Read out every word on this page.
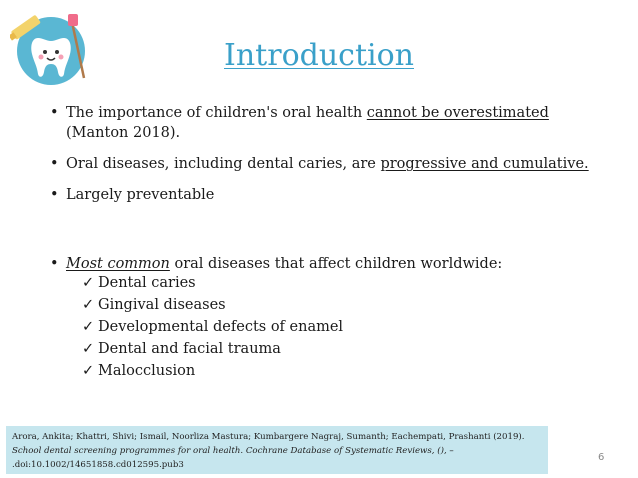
Introduction
• The importance of children's oral health cannot be overestimated
(Manton 2018).
• Oral diseases, including dental caries, are progressive and cumulative.
• Largely preventable
• Most common oral diseases that affect children worldwide:
✓ Dental caries
✓ Gingival diseases
✓ Developmental defects of enamel
✓ Dental and facial trauma
✓ Malocclusion
Arora, Ankita; Khattri, Shivi; Ismail, Noorliza Mastura; Kumbargere Nagraj, Sumanth; Eachempati, Prashanti (2019). School dental screening programmes for oral health. Cochrane Database of Systematic Reviews, (), –
.doi:10.1002/14651858.cd012595.pub3
6
